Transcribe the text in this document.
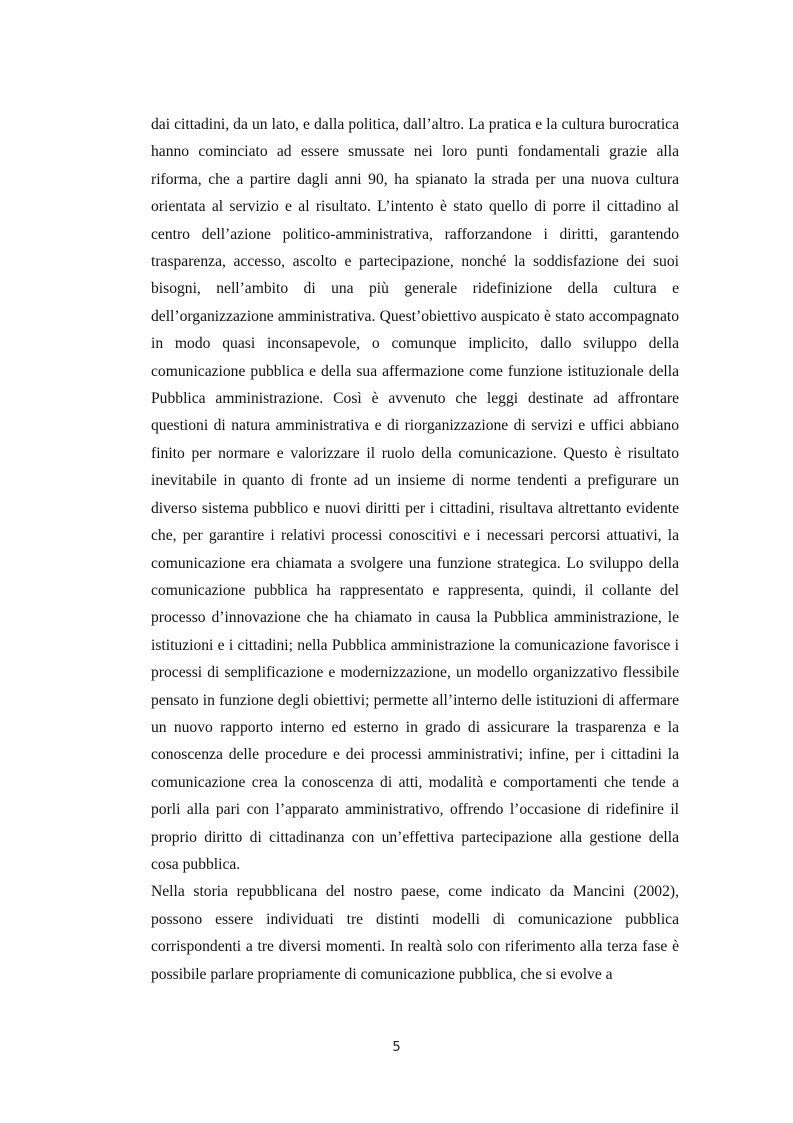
dai cittadini, da un lato, e dalla politica, dall’altro. La pratica e la cultura burocratica hanno cominciato ad essere smussate nei loro punti fondamentali grazie alla riforma, che a partire dagli anni 90, ha spianato la strada per una nuova cultura orientata al servizio e al risultato. L’intento è stato quello di porre il cittadino al centro dell’azione politico-amministrativa, rafforzandone i diritti, garantendo trasparenza, accesso, ascolto e partecipazione, nonché la soddisfazione dei suoi bisogni, nell’ambito di una più generale ridefinizione della cultura e dell’organizzazione amministrativa. Quest’obiettivo auspicato è stato accompagnato in modo quasi inconsapevole, o comunque implicito, dallo sviluppo della comunicazione pubblica e della sua affermazione come funzione istituzionale della Pubblica amministrazione. Così è avvenuto che leggi destinate ad affrontare questioni di natura amministrativa e di riorganizzazione di servizi e uffici abbiano finito per normare e valorizzare il ruolo della comunicazione. Questo è risultato inevitabile in quanto di fronte ad un insieme di norme tendenti a prefigurare un diverso sistema pubblico e nuovi diritti per i cittadini, risultava altrettanto evidente che, per garantire i relativi processi conoscitivi e i necessari percorsi attuativi, la comunicazione era chiamata a svolgere una funzione strategica. Lo sviluppo della comunicazione pubblica ha rappresentato e rappresenta, quindi, il collante del processo d’innovazione che ha chiamato in causa la Pubblica amministrazione, le istituzioni e i cittadini; nella Pubblica amministrazione la comunicazione favorisce i processi di semplificazione e modernizzazione, un modello organizzativo flessibile pensato in funzione degli obiettivi; permette all’interno delle istituzioni di affermare un nuovo rapporto interno ed esterno in grado di assicurare la trasparenza e la conoscenza delle procedure e dei processi amministrativi; infine, per i cittadini la comunicazione crea la conoscenza di atti, modalità e comportamenti che tende a porli alla pari con l’apparato amministrativo, offrendo l’occasione di ridefinire il proprio diritto di cittadinanza con un’effettiva partecipazione alla gestione della cosa pubblica.

Nella storia repubblicana del nostro paese, come indicato da Mancini (2002), possono essere individuati tre distinti modelli di comunicazione pubblica corrispondenti a tre diversi momenti. In realtà solo con riferimento alla terza fase è possibile parlare propriamente di comunicazione pubblica, che si evolve a

5
